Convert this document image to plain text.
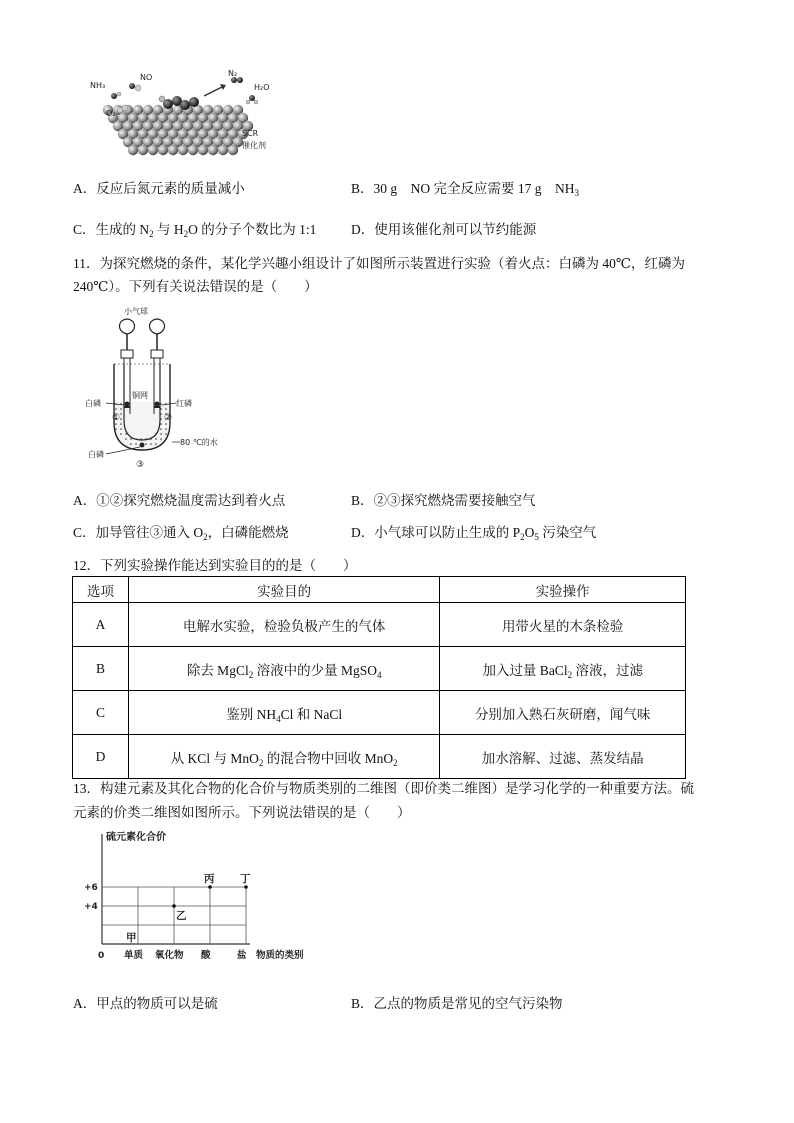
NH₃
NO
O₂
N₂
H₂O
SCR
催化剂
A．反应后氮元素的质量减小	B．30 g　NO 完全反应需要 17 g　$NH_3$
C．生成的 $N_2$ 与 $H_2O$ 的分子个数比为 1:1	D．使用该催化剂可以节约能源
11．为探究燃烧的条件，某化学兴趣小组设计了如图所示装置进行实验（着火点：白磷为 40℃，红磷为
240℃）。下列有关说法错误的是（　　）
小气球
白磷
①
铜网
红磷
②
80 ℃的水
白磷
③
A．①②探究燃烧温度需达到着火点	B．②③探究燃烧需要接触空气
C．加导管往③通入 $O_2$，白磷能燃烧	D．小气球可以防止生成的 $P_2O_5$ 污染空气
12．下列实验操作能达到实验目的的是（　　）
选项	实验目的	实验操作
A	电解水实验，检验负极产生的气体	用带火星的木条检验
B	除去 MgCl$_2$ 溶液中的少量 MgSO$_4$	加入过量 BaCl$_2$ 溶液，过滤
C	鉴别 $NH_4Cl$ 和 NaCl	分别加入熟石灰研磨，闻气味
D	从 KCl 与 MnO$_2$ 的混合物中回收 MnO$_2$	加水溶解、过滤、蒸发结晶
13．构建元素及其化合物的化合价与物质类别的二维图（即价类二维图）是学习化学的一种重要方法。硫
元素的价类二维图如图所示。下列说法错误的是（　　）
硫元素化合价
+6
+4
0 单质 氧化物 酸	盐 物质的类别
甲
乙
丙 丁
A．甲点的物质可以是硫	B．乙点的物质是常见的空气污染物
